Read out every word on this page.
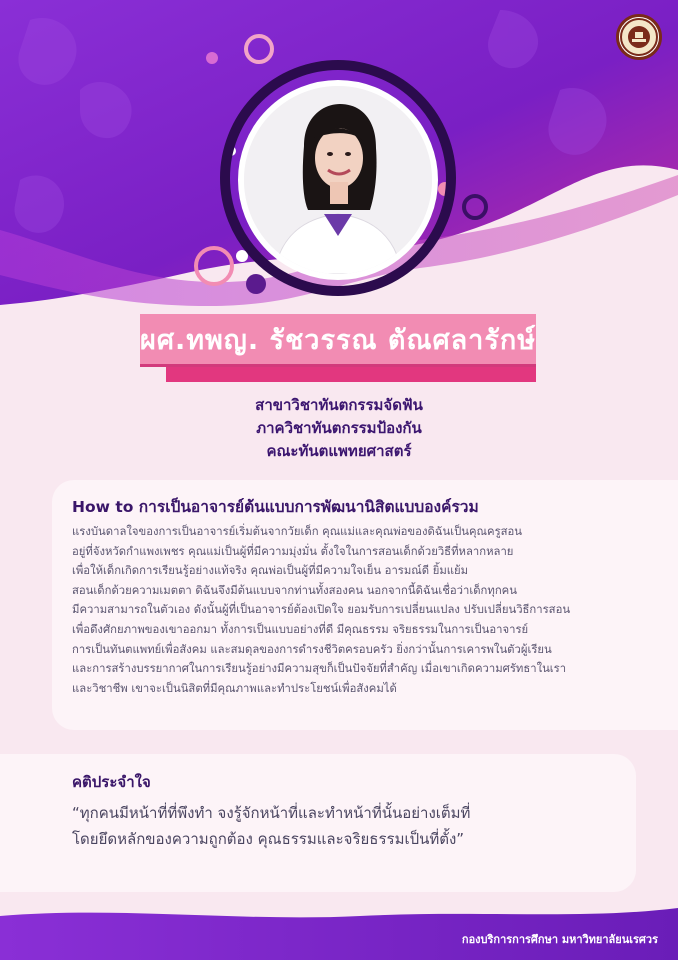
ผศ.ทพญ. รัชวรรณ ตัณศลารักษ์
สาขาวิชาทันตกรรมจัดฟัน
ภาควิชาทันตกรรมป้องกัน
คณะทันตแพทยศาสตร์
How to การเป็นอาจารย์ต้นแบบการพัฒนานิสิตแบบองค์รวม
แรงบันดาลใจของการเป็นอาจารย์เริ่มต้นจากวัยเด็ก คุณแม่และคุณพ่อของดิฉันเป็นคุณครูสอน
อยู่ที่จังหวัดกำแพงเพชร คุณแม่เป็นผู้ที่มีความมุ่งมั่น ตั้งใจในการสอนเด็กด้วยวิธีที่หลากหลาย
เพื่อให้เด็กเกิดการเรียนรู้อย่างแท้จริง คุณพ่อเป็นผู้ที่มีความใจเย็น อารมณ์ดี ยิ้มแย้ม
สอนเด็กด้วยความเมตตา ดิฉันจึงมีต้นแบบจากท่านทั้งสองคน นอกจากนี้ดิฉันเชื่อว่าเด็กทุกคน
มีความสามารถในตัวเอง ดังนั้นผู้ที่เป็นอาจารย์ต้องเปิดใจ ยอมรับการเปลี่ยนแปลง ปรับเปลี่ยนวิธีการสอน
เพื่อดึงศักยภาพของเขาออกมา ทั้งการเป็นแบบอย่างที่ดี มีคุณธรรม จริยธรรมในการเป็นอาจารย์
การเป็นทันตแพทย์เพื่อสังคม และสมดุลของการดำรงชีวิตครอบครัว ยิ่งกว่านั้นการเคารพในตัวผู้เรียน
และการสร้างบรรยากาศในการเรียนรู้อย่างมีความสุขก็เป็นปัจจัยที่สำคัญ เมื่อเขาเกิดความศรัทธาในเรา
และวิชาชีพ เขาจะเป็นนิสิตที่มีคุณภาพและทำประโยชน์เพื่อสังคมได้
คติประจำใจ
“ทุกคนมีหน้าที่ที่พึงทำ จงรู้จักหน้าที่และทำหน้าที่นั้นอย่างเต็มที่
โดยยึดหลักของความถูกต้อง คุณธรรมและจริยธรรมเป็นที่ตั้ง”
กองบริการการศึกษา มหาวิทยาลัยนเรศวร
